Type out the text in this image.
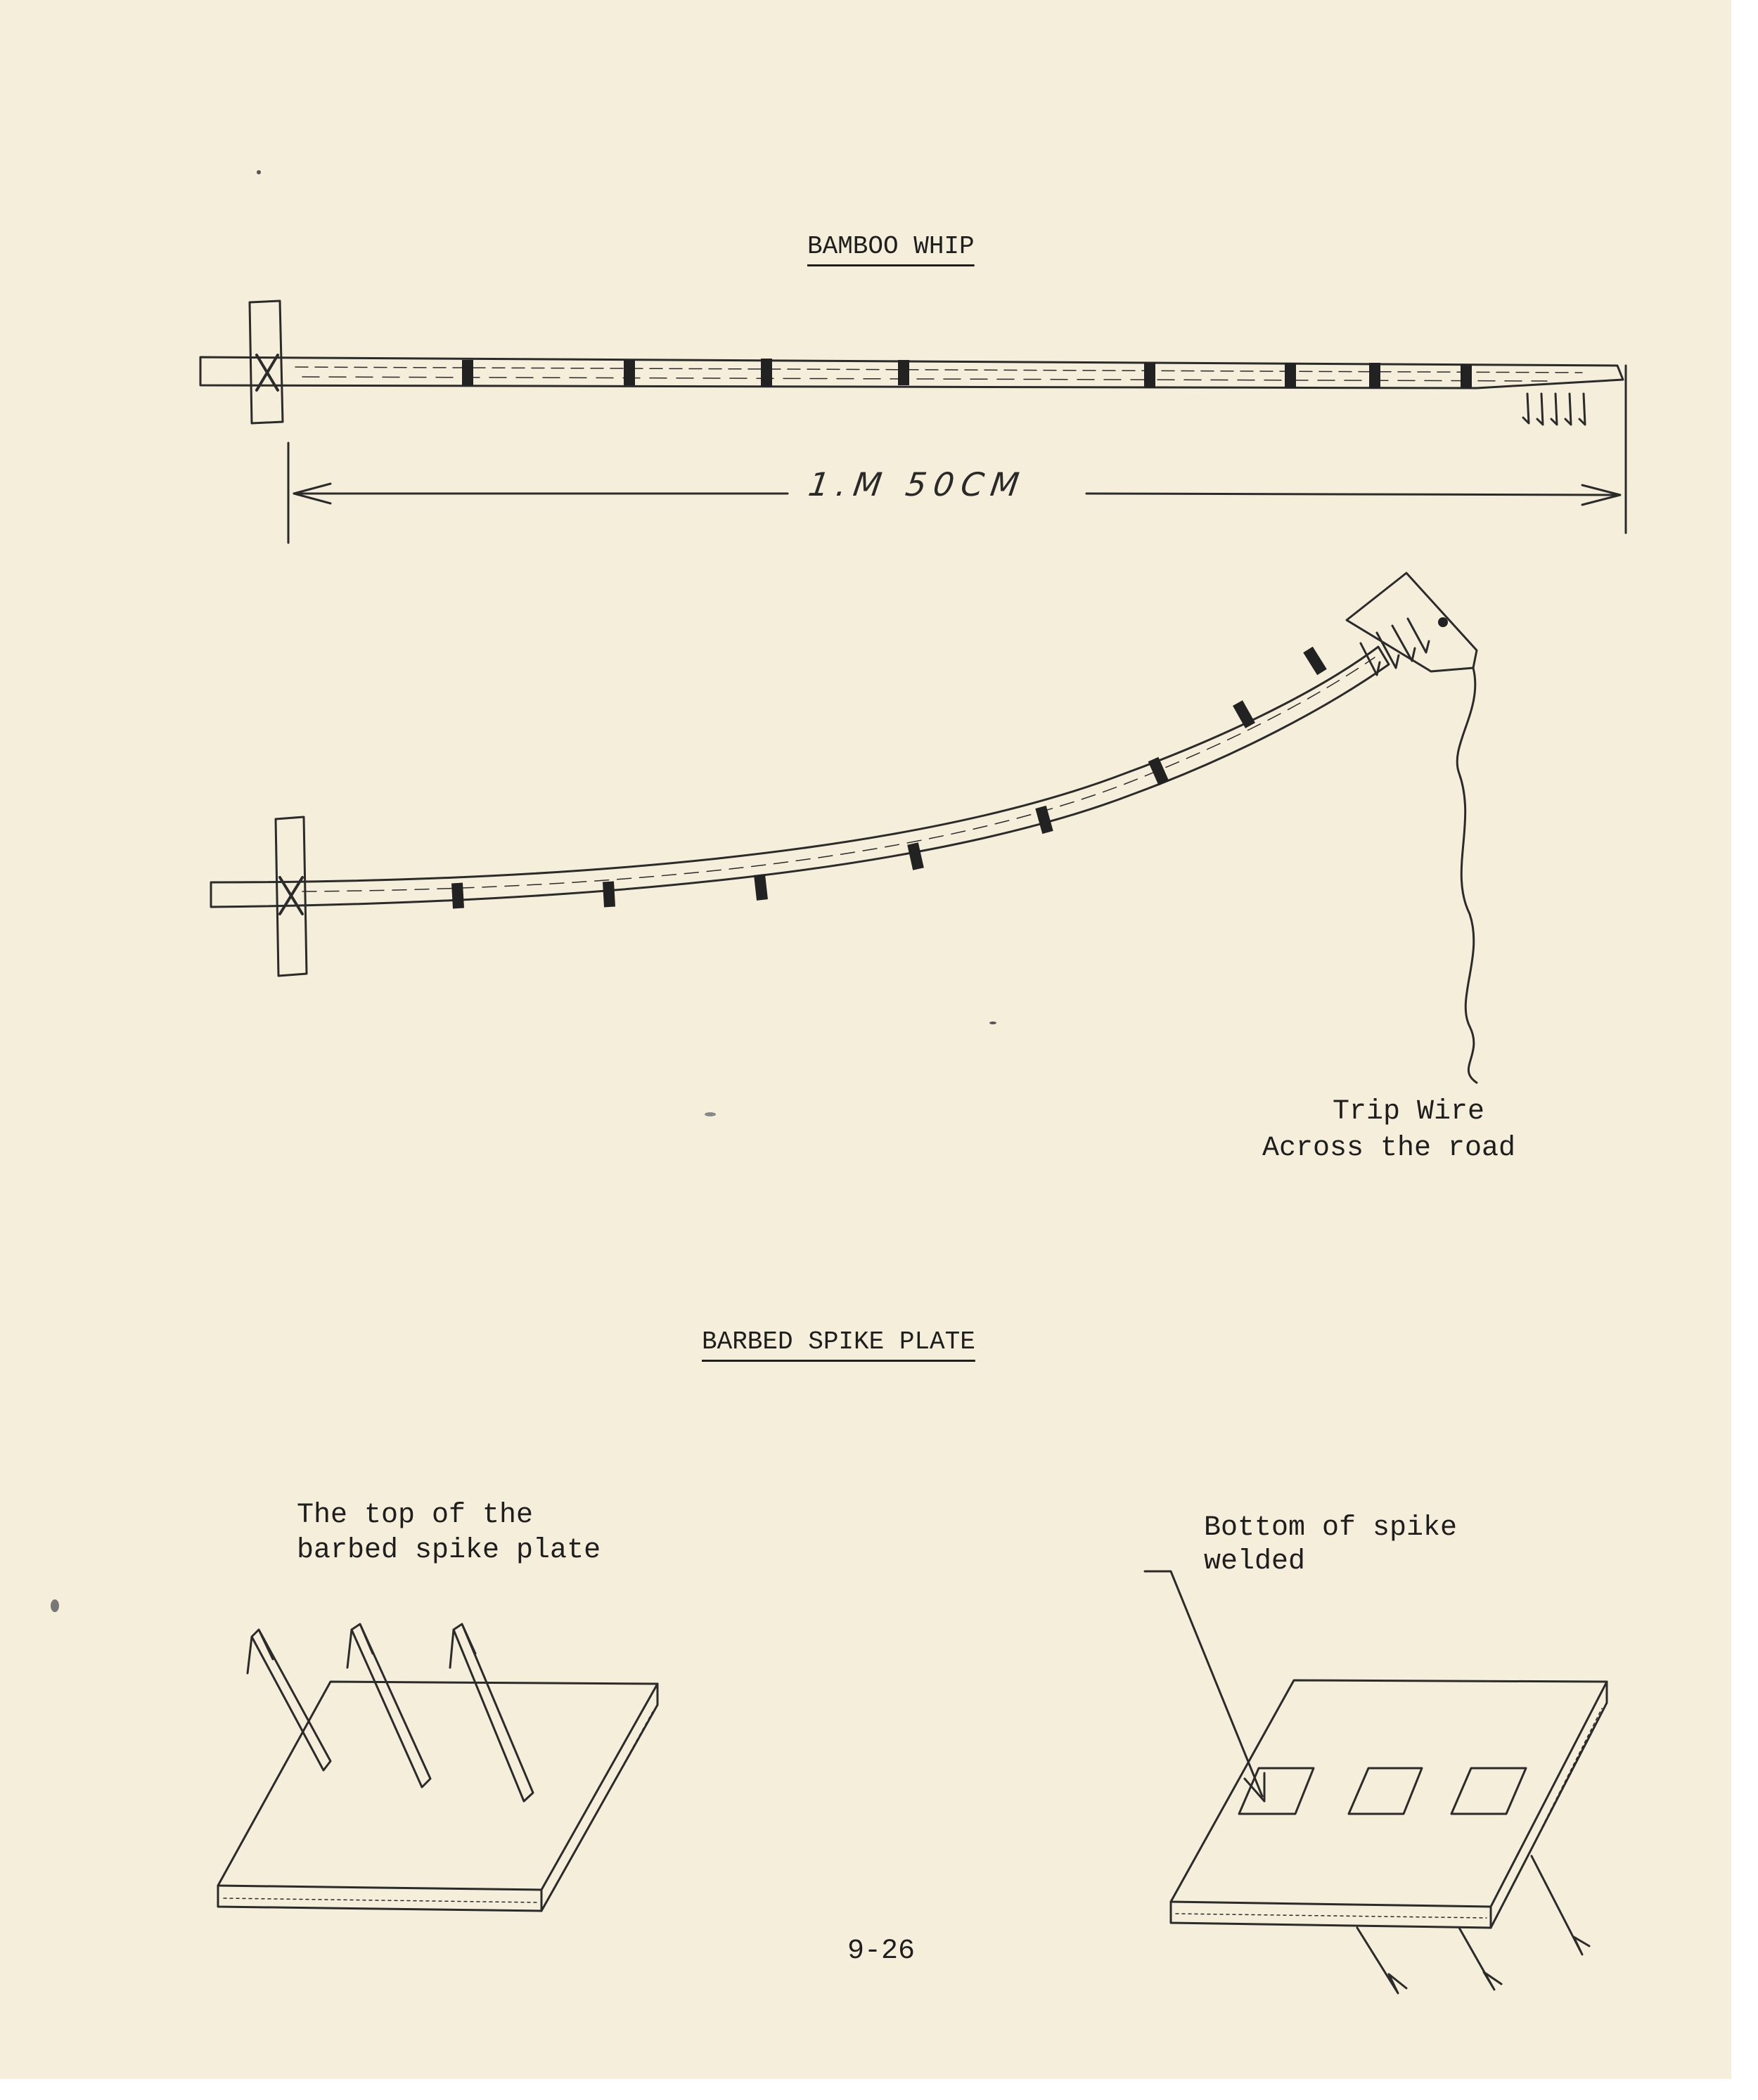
BAMBOO WHIP
1.M 50CM
Trip Wire
Across the road
BARBED SPIKE PLATE
The top of the
barbed spike plate
Bottom of spike
welded
9-26
